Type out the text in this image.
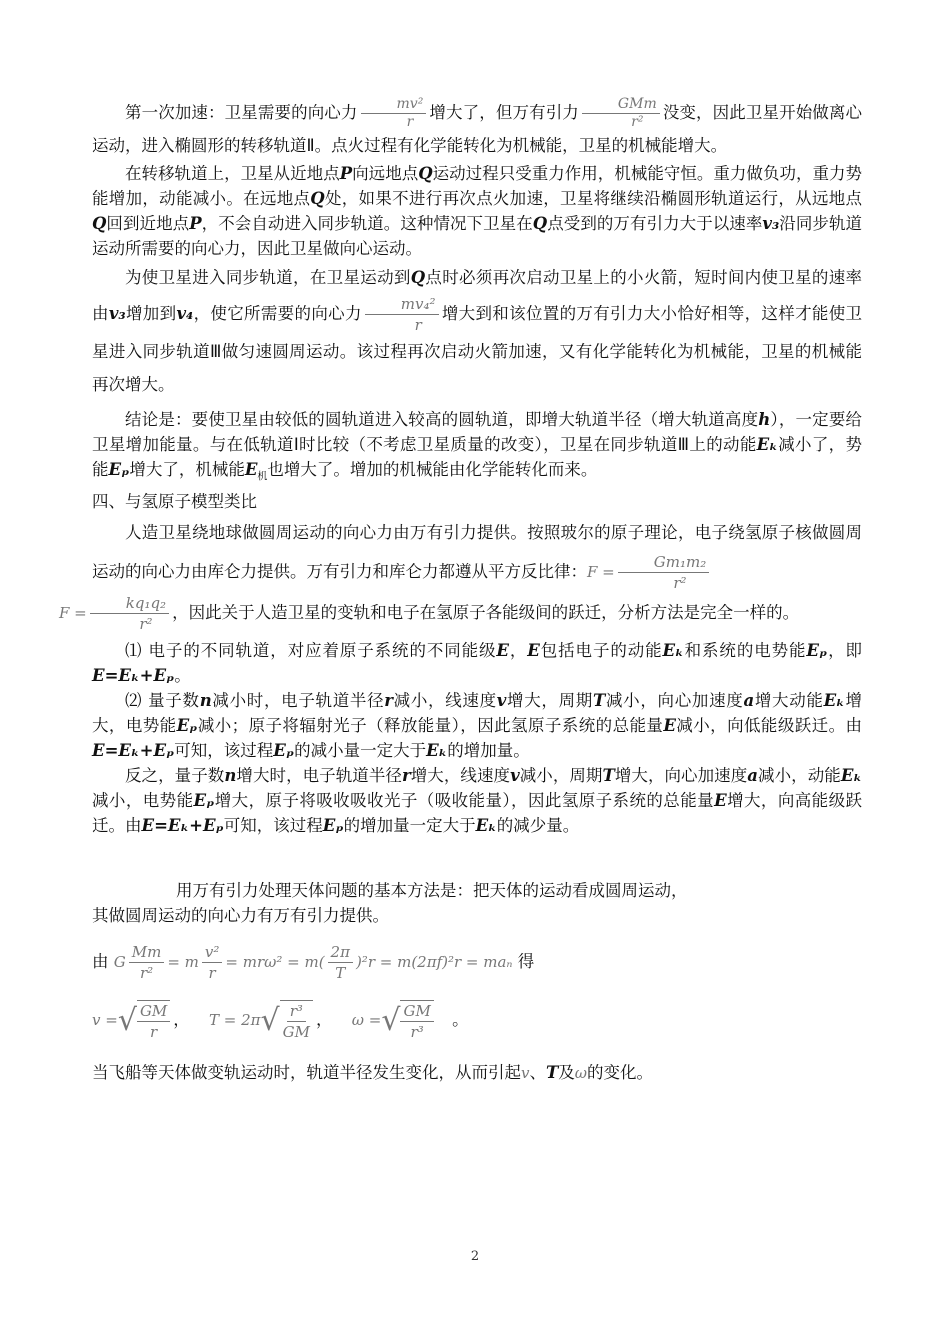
第一次加速：卫星需要的向心力 $\frac{\text{mv²}}{r}$ 增大了，但万有引力 $\frac{\text{GMm}}{\text{r²}}$ 没变，因此卫星开始做离心运动，进入椭圆形的转移轨道Ⅱ。点火过程有化学能转化为机械能，卫星的机械能增大。

在转移轨道上，卫星从近地点P向远地点Q运动过程只受重力作用，机械能守恒。重力做负功，重力势能增加，动能减小。在远地点Q处，如果不进行再次点火加速，卫星将继续沿椭圆形轨道运行，从远地点Q回到近地点P，不会自动进入同步轨道。这种情况下卫星在Q点受到的万有引力大于以速率v₃沿同步轨道运动所需要的向心力，因此卫星做向心运动。

为使卫星进入同步轨道，在卫星运动到Q点时必须再次启动卫星上的小火箭，短时间内使卫星的速率由v₃增加到v₄，使它所需要的向心力 $\frac{\text{mv₄²}}{r}$ 增大到和该位置的万有引力大小恰好相等，这样才能使卫星进入同步轨道Ⅲ做匀速圆周运动。该过程再次启动火箭加速，又有化学能转化为机械能，卫星的机械能再次增大。

结论是：要使卫星由较低的圆轨道进入较高的圆轨道，即增大轨道半径（增大轨道高度h），一定要给卫星增加能量。与在低轨道Ⅰ时比较（不考虑卫星质量的改变），卫星在同步轨道Ⅲ上的动能Eₖ减小了，势能Eₚ增大了，机械能$E_机$也增大了。增加的机械能由化学能转化而来。

四、与氢原子模型类比

人造卫星绕地球做圆周运动的向心力由万有引力提供。按照玻尔的原子理论，电子绕氢原子核做圆周运动的向心力由库仑力提供。万有引力和库仑力都遵从平方反比律：$F = \frac{\text{Gm₁m₂}}{\text{r²}}$

$F = \frac{\text{kq₁q₂}}{\text{r²}}$ ，因此关于人造卫星的变轨和电子在氢原子各能级间的跃迁，分析方法是完全一样的。

⑴ 电子的不同轨道，对应着原子系统的不同能级E，E包括电子的动能Eₖ和系统的电势能Eₚ，即E=Eₖ+Eₚ。

⑵ 量子数n减小时，电子轨道半径r减小，线速度v增大，周期T减小，向心加速度a增大动能Eₖ增大，电势能Eₚ减小；原子将辐射光子（释放能量），因此氢原子系统的总能量E减小，向低能级跃迁。由E=Eₖ+Eₚ可知，该过程Eₚ的减小量一定大于Eₖ的增加量。

反之，量子数n增大时，电子轨道半径r增大，线速度v减小，周期T增大，向心加速度a减小，动能Eₖ减小，电势能Eₚ增大，原子将吸收吸收光子（吸收能量），因此氢原子系统的总能量E增大，向高能级跃迁。由E=Eₖ+Eₚ可知，该过程Eₚ的增加量一定大于Eₖ的减少量。

用万有引力处理天体问题的基本方法是：把天体的运动看成圆周运动，

其做圆周运动的向心力有万有引力提供。

由 G $\frac{Mm}{\text{r²}} = m \frac{\text{v²}}{r} = mr\omega^2 = m( \frac{2\pi}{T} )^2r = m(2\pi f)^2r = ma_n$ 得

v = √ $\frac{GM}{r}$ ， T = 2π √ $\frac{\text{r³}}{GM}$ ， ω = √ $\frac{GM}{\text{r³}}$ 。

当飞船等天体做变轨运动时，轨道半径发生变化，从而引起v、T及ω的变化。

2
